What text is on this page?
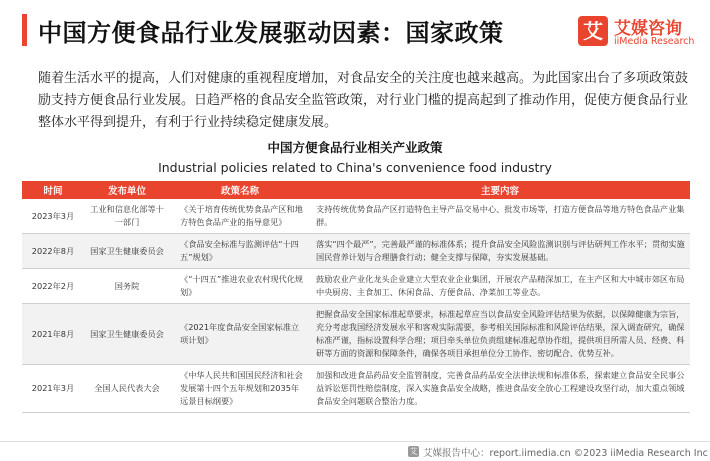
中国方便食品行业发展驱动因素：国家政策	艾 艾媒咨询
iiMedia Research

随着生活水平的提高，人们对健康的重视程度增加，对食品安全的关注度也越来越高。为此国家出台了多项政策鼓励支持方便食品行业发展。日趋严格的食品安全监管政策，对行业门槛的提高起到了推动作用，促使方便食品行业整体水平得到提升，有利于行业持续稳定健康发展。

中国方便食品行业相关产业政策
Industrial policies related to China's convenience food industry
时间	发布单位	政策名称	主要内容
2023年3月	工业和信息化部等十一部门	《关于培育传统优势食品产区和地方特色食品产业的指导意见》	支持传统优势食品产区打造特色主导产品交易中心、批发市场等，打造方便食品等地方特色食品产业集群。
2022年8月	国家卫生健康委员会	《食品安全标准与监测评估“十四五”规划》	落实“四个最严”，完善最严谨的标准体系；提升食品安全风险监测识别与评估研判工作水平；贯彻实施国民营养计划与合理膳食行动；健全支撑与保障，夯实发展基础。
2022年2月	国务院	《“十四五”推进农业农村现代化规划》	鼓励农业产业化龙头企业建立大型农业企业集团，开展农产品精深加工，在主产区和大中城市郊区布局中央厨房、主食加工、休闲食品、方便食品、净菜加工等业态。
2021年8月	国家卫生健康委员会	《2021年度食品安全国家标准立项计划》	把握食品安全国家标准起草要求，标准起草应当以食品安全风险评估结果为依据，以保障健康为宗旨，充分考虑我国经济发展水平和客观实际需要，参考相关国际标准和风险评估结果，深入调查研究，确保标准严谨，指标设置科学合理；项目牵头单位负责组建标准起草协作组，提供项目所需人员、经费、科研等方面的资源和保障条件，确保各项目承担单位分工协作、密切配合、优势互补。
2021年3月	全国人民代表大会	《中华人民共和国国民经济和社会发展第十四个五年规划和2035年远景目标纲要》	加强和改进食品药品安全监管制度，完善食品药品安全法律法规和标准体系，探索建立食品安全民事公益诉讼惩罚性赔偿制度，深入实施食品安全战略，推进食品安全放心工程建设攻坚行动，加大重点领域食品安全问题联合整治力度。
艾 艾媒报告中心：report.iimedia.cn ©2023 iiMedia Research Inc
